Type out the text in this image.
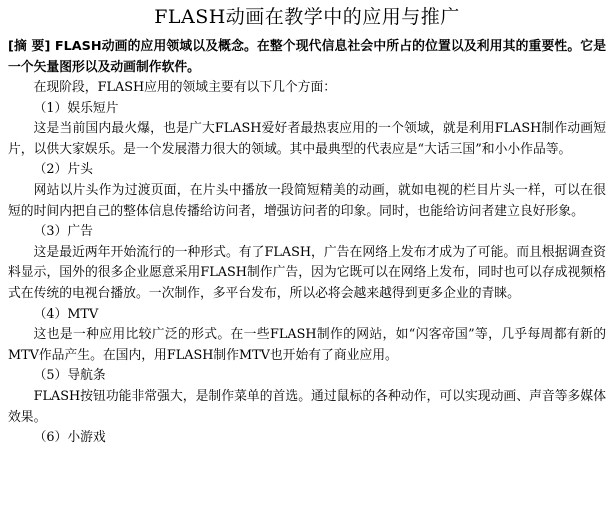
FLASH动画在教学中的应用与推广

[摘 要] FLASH动画的应用领域以及概念。在整个现代信息社会中所占的位置以及利用其的重要性。它是一个矢量图形以及动画制作软件。

在现阶段，FLASH应用的领域主要有以下几个方面：

（1）娱乐短片

这是当前国内最火爆，也是广大FLASH爱好者最热衷应用的一个领域，就是利用FLASH制作动画短片，以供大家娱乐。是一个发展潜力很大的领域。其中最典型的代表应是“大话三国”和小小作品等。

（2）片头

网站以片头作为过渡页面，在片头中播放一段简短精美的动画，就如电视的栏目片头一样，可以在很短的时间内把自己的整体信息传播给访问者，增强访问者的印象。同时，也能给访问者建立良好形象。

（3）广告

这是最近两年开始流行的一种形式。有了FLASH，广告在网络上发布才成为了可能。而且根据调查资料显示，国外的很多企业愿意采用FLASH制作广告，因为它既可以在网络上发布，同时也可以存成视频格式在传统的电视台播放。一次制作，多平台发布，所以必将会越来越得到更多企业的青睐。

（4）MTV

这也是一种应用比较广泛的形式。在一些FLASH制作的网站，如“闪客帝国”等，几乎每周都有新的MTV作品产生。在国内，用FLASH制作MTV也开始有了商业应用。

（5）导航条

FLASH按钮功能非常强大，是制作菜单的首选。通过鼠标的各种动作，可以实现动画、声音等多媒体效果。

（6）小游戏
